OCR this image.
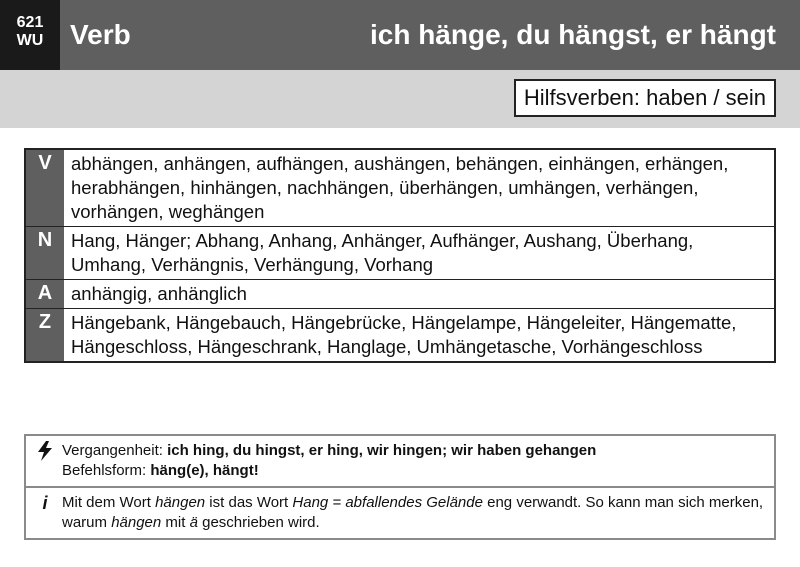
621
WU Verb	ich hänge, du hängst, er hängt
Hilfsverben: haben / sein
V	abhängen, anhängen, aufhängen, aushängen, behängen, einhängen, erhängen, herabhängen, hinhängen, nachhängen, überhängen, umhängen, verhängen, vorhängen, weghängen
N	Hang, Hänger; Abhang, Anhang, Anhänger, Aufhänger, Aushang, Überhang, Umhang, Verhängnis, Verhängung, Vorhang
A	anhängig, anhänglich
Z	Hängebank, Hängebauch, Hängebrücke, Hängelampe, Hängeleiter, Hängematte, Hängeschloss, Hängeschrank, Hanglage, Umhängetasche, Vorhängeschloss
Vergangenheit: ich hing, du hingst, er hing, wir hingen; wir haben gehangen
Befehlsform: häng(e), hängt!
i Mit dem Wort hängen ist das Wort Hang = abfallendes Gelände eng verwandt. So kann man sich merken, warum hängen mit ä geschrieben wird.
